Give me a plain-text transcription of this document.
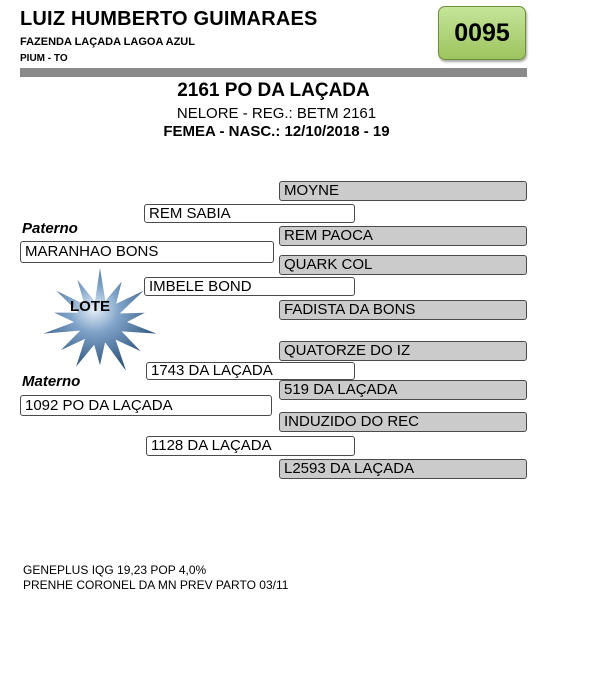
LUIZ HUMBERTO GUIMARAES
FAZENDA LAÇADA LAGOA AZUL
PIUM - TO
0095
2161 PO DA LAÇADA
NELORE - REG.: BETM 2161
FEMEA - NASC.: 12/10/2018 - 19
MOYNE
REM PAOCA
QUARK COL
FADISTA DA BONS
QUATORZE DO IZ
519 DA LAÇADA
INDUZIDO DO REC
L2593 DA LAÇADA
REM SABIA
IMBELE BOND
Paterno
MARANHAO BONS
LOTE
1743 DA LAÇADA
Materno
1092 PO DA LAÇADA
1128 DA LAÇADA
GENEPLUS IQG 19,23 POP 4,0%
PRENHE CORONEL DA MN PREV PARTO 03/11
